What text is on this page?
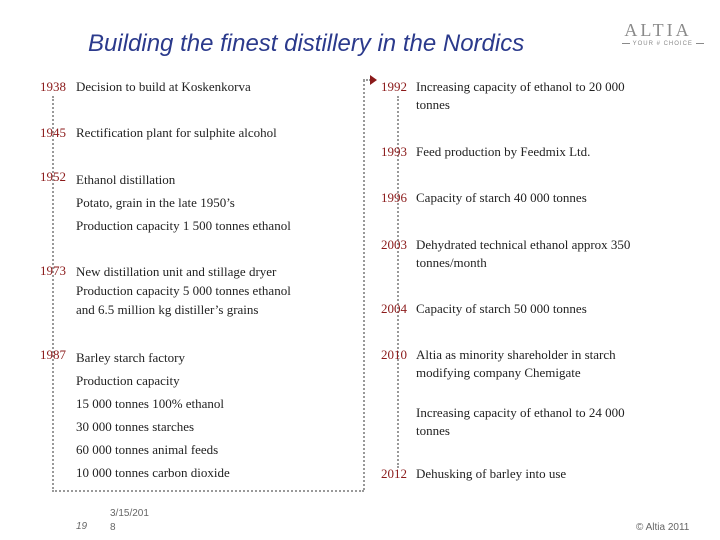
Building the finest distillery in the Nordics	ALTIA
YOUR # CHOICE
1938 Decision to build at Koskenkorva
1945 Rectification plant for sulphite alcohol
1952 Ethanol distillation
Potato, grain in the late 1950’s
Production capacity 1 500 tonnes ethanol
1973 New distillation unit and stillage dryer
Production capacity 5 000 tonnes ethanol
and 6.5 million kg distiller’s grains
1987 Barley starch factory
Production capacity
15 000 tonnes 100% ethanol
30 000 tonnes starches
60 000 tonnes animal feeds
10 000 tonnes carbon dioxide
1992 Increasing capacity of ethanol to 20 000
tonnes
1993 Feed production by Feedmix Ltd.
1996 Capacity of starch 40 000 tonnes
2003 Dehydrated technical ethanol approx 350
tonnes/month
2004 Capacity of starch 50 000 tonnes
2010 Altia as minority shareholder in starch
modifying company Chemigate
Increasing capacity of ethanol to 24 000
tonnes
2012 Dehusking of barley into use
19
3/15/201
8	© Altia 2011
